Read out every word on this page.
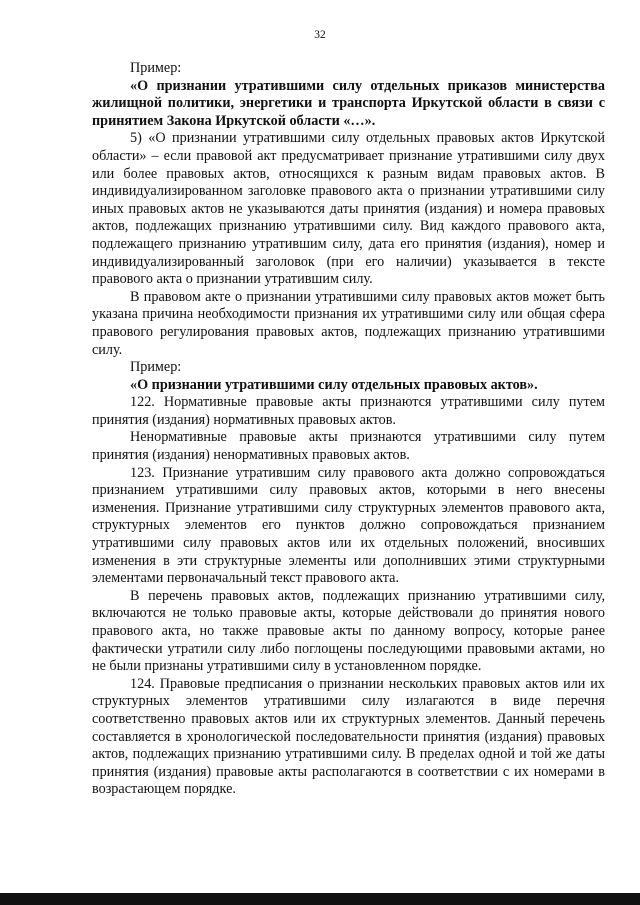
32

Пример:

«О признании утратившими силу отдельных приказов министерства жилищной политики, энергетики и транспорта Иркутской области в связи с принятием Закона Иркутской области «…».

5) «О признании утратившими силу отдельных правовых актов Иркутской области» – если правовой акт предусматривает признание утратившими силу двух или более правовых актов, относящихся к разным видам правовых актов. В индивидуализированном заголовке правового акта о признании утратившими силу иных правовых актов не указываются даты принятия (издания) и номера правовых актов, подлежащих признанию утратившими силу. Вид каждого правового акта, подлежащего признанию утратившим силу, дата его принятия (издания), номер и индивидуализированный заголовок (при его наличии) указывается в тексте правового акта о признании утратившим силу.

В правовом акте о признании утратившими силу правовых актов может быть указана причина необходимости признания их утратившими силу или общая сфера правового регулирования правовых актов, подлежащих признанию утратившими силу.

Пример:

«О признании утратившими силу отдельных правовых актов».

122. Нормативные правовые акты признаются утратившими силу путем принятия (издания) нормативных правовых актов.

Ненормативные правовые акты признаются утратившими силу путем принятия (издания) ненормативных правовых актов.

123. Признание утратившим силу правового акта должно сопровождаться признанием утратившими силу правовых актов, которыми в него внесены изменения. Признание утратившими силу структурных элементов правового акта, структурных элементов его пунктов должно сопровождаться признанием утратившими силу правовых актов или их отдельных положений, вносивших изменения в эти структурные элементы или дополнивших этими структурными элементами первоначальный текст правового акта.

В перечень правовых актов, подлежащих признанию утратившими силу, включаются не только правовые акты, которые действовали до принятия нового правового акта, но также правовые акты по данному вопросу, которые ранее фактически утратили силу либо поглощены последующими правовыми актами, но не были признаны утратившими силу в установленном порядке.

124. Правовые предписания о признании нескольких правовых актов или их структурных элементов утратившими силу излагаются в виде перечня соответственно правовых актов или их структурных элементов. Данный перечень составляется в хронологической последовательности принятия (издания) правовых актов, подлежащих признанию утратившими силу. В пределах одной и той же даты принятия (издания) правовые акты располагаются в соответствии с их номерами в возрастающем порядке.
